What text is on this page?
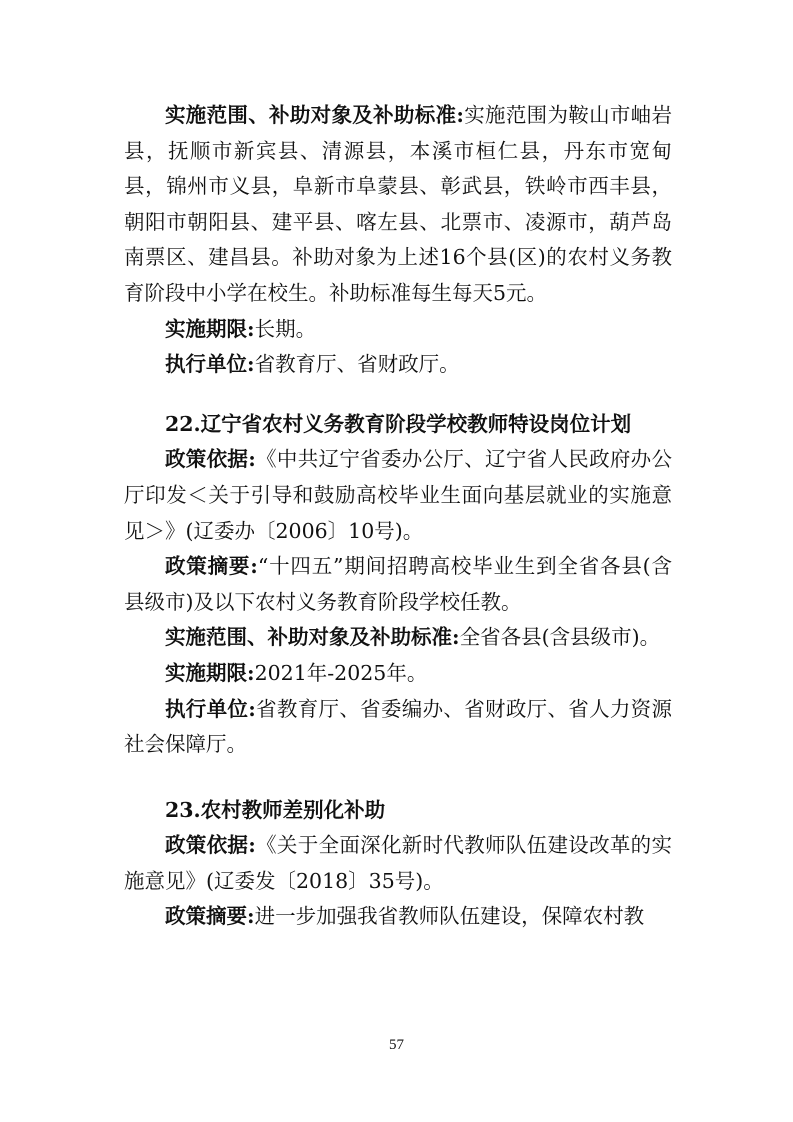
实施范围、补助对象及补助标准:实施范围为鞍山市岫岩县，抚顺市新宾县、清源县，本溪市桓仁县，丹东市宽甸县，锦州市义县，阜新市阜蒙县、彰武县，铁岭市西丰县，朝阳市朝阳县、建平县、喀左县、北票市、凌源市，葫芦岛南票区、建昌县。补助对象为上述16个县(区)的农村义务教育阶段中小学在校生。补助标准每生每天5元。

实施期限:长期。

执行单位:省教育厅、省财政厅。

22.辽宁省农村义务教育阶段学校教师特设岗位计划

政策依据:《中共辽宁省委办公厅、辽宁省人民政府办公厅印发＜关于引导和鼓励高校毕业生面向基层就业的实施意见＞》(辽委办〔2006〕10号)。

政策摘要:“十四五”期间招聘高校毕业生到全省各县(含县级市)及以下农村义务教育阶段学校任教。

实施范围、补助对象及补助标准:全省各县(含县级市)。

实施期限:2021年-2025年。

执行单位:省教育厅、省委编办、省财政厅、省人力资源社会保障厅。

23.农村教师差别化补助

政策依据:《关于全面深化新时代教师队伍建设改革的实施意见》(辽委发〔2018〕35号)。

政策摘要:进一步加强我省教师队伍建设，保障农村教

57
